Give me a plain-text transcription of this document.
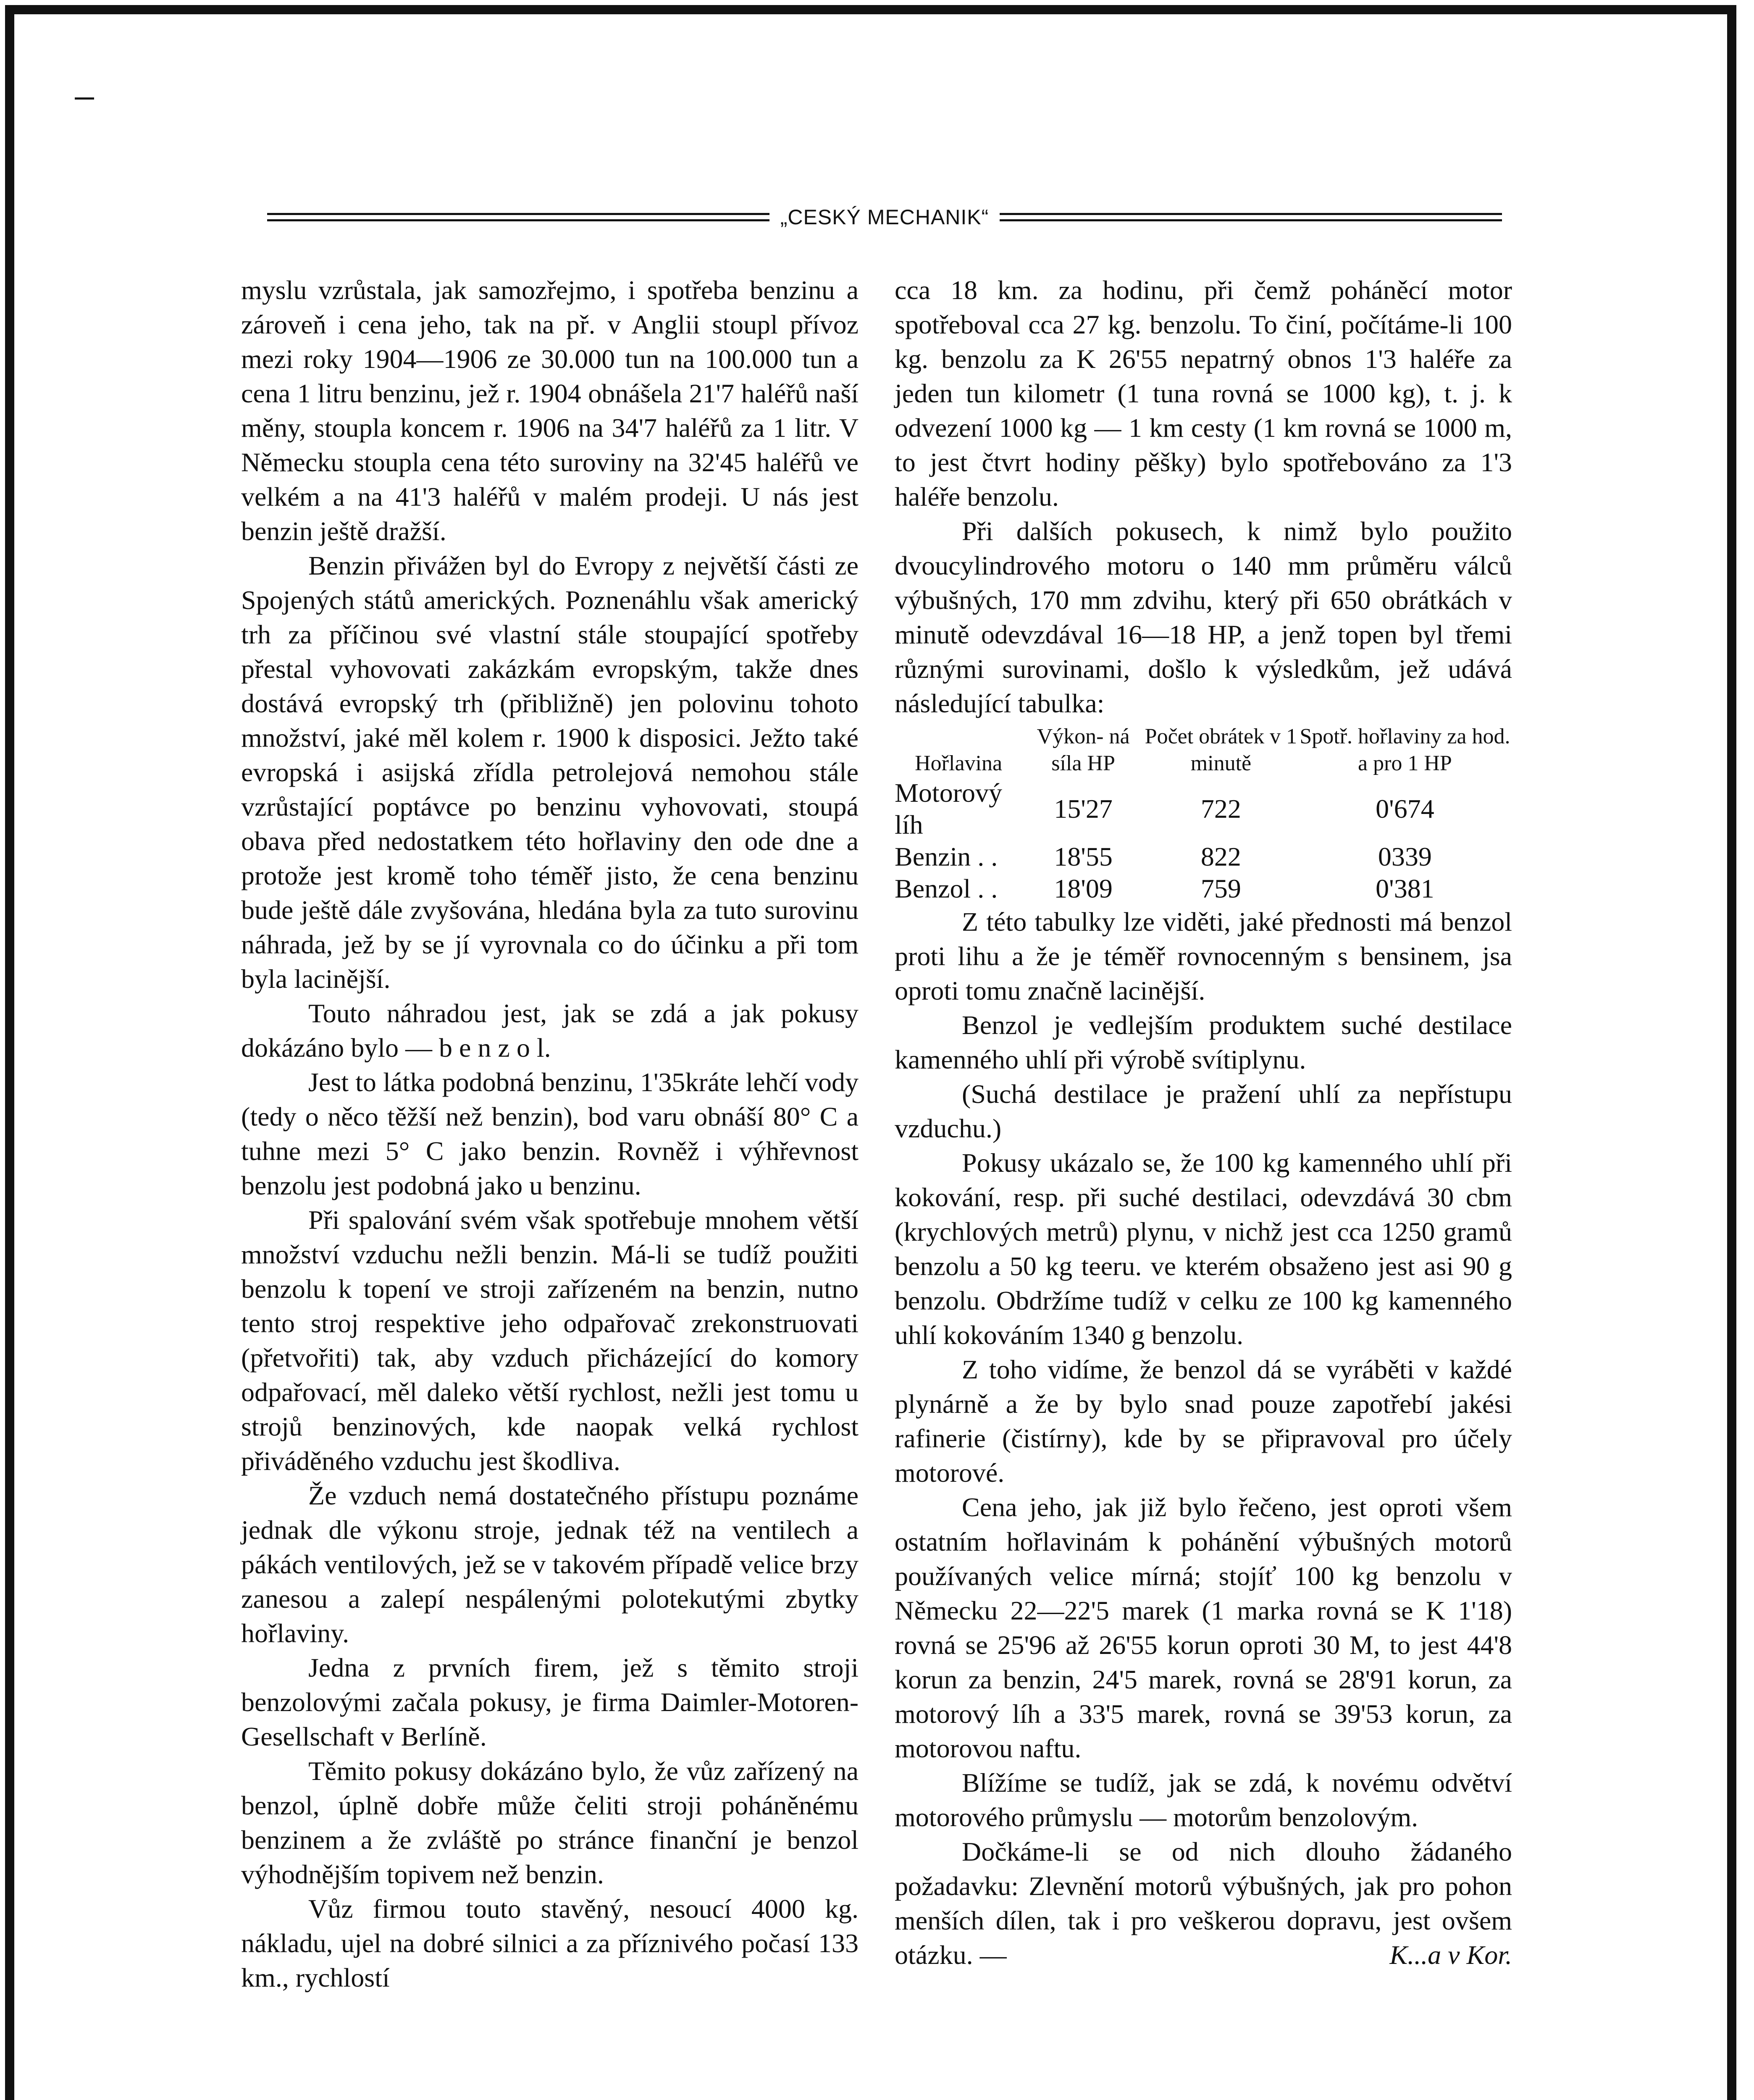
„CESKÝ MECHANIK“

myslu vzrůstala, jak samozřejmo, i spotřeba benzinu a zároveň i cena jeho, tak na př. v Anglii stoupl přívoz mezi roky 1904—1906 ze 30.000 tun na 100.000 tun a cena 1 litru benzinu, jež r. 1904 obnášela 21'7 haléřů naší měny, stoupla koncem r. 1906 na 34'7 haléřů za 1 litr. V Německu stoupla cena této suroviny na 32'45 haléřů ve velkém a na 41'3 haléřů v malém prodeji. U nás jest benzin ještě dražší.

Benzin přivážen byl do Evropy z největší části ze Spojených států amerických. Poznenáhlu však americký trh za příčinou své vlastní stále stoupající spotřeby přestal vyhovovati zakázkám evropským, takže dnes dostává evropský trh (přibližně) jen polovinu tohoto množství, jaké měl kolem r. 1900 k disposici. Ježto také evropská i asijská zřídla petrolejová nemohou stále vzrůstající poptávce po benzinu vyhovovati, stoupá obava před nedostatkem této hořlaviny den ode dne a protože jest kromě toho téměř jisto, že cena benzinu bude ještě dále zvyšována, hledána byla za tuto surovinu náhrada, jež by se jí vyrovnala co do účinku a při tom byla lacinější.

Touto náhradou jest, jak se zdá a jak pokusy dokázáno bylo — b e n z o l.

Jest to látka podobná benzinu, 1'35kráte lehčí vody (tedy o něco těžší než benzin), bod varu obnáší 80° C a tuhne mezi 5° C jako benzin. Rovněž i výhřevnost benzolu jest podobná jako u benzinu.

Při spalování svém však spotřebuje mnohem větší množství vzduchu nežli benzin. Má-li se tudíž použiti benzolu k topení ve stroji zařízeném na benzin, nutno tento stroj respektive jeho odpařovač zrekonstruovati (přetvořiti) tak, aby vzduch přicházející do komory odpařovací, měl daleko větší rychlost, nežli jest tomu u strojů benzinových, kde naopak velká rychlost přiváděného vzduchu jest škodliva.

Že vzduch nemá dostatečného přístupu poznáme jednak dle výkonu stroje, jednak též na ventilech a pákách ventilových, jež se v takovém případě velice brzy zanesou a zalepí nespálenými polotekutými zbytky hořlaviny.

Jedna z prvních firem, jež s těmito stroji benzolovými začala pokusy, je firma Daimler-Motoren-Gesellschaft v Berlíně.

Těmito pokusy dokázáno bylo, že vůz zařízený na benzol, úplně dobře může čeliti stroji poháněnému benzinem a že zvláště po stránce finanční je benzol výhodnějším topivem než benzin.

Vůz firmou touto stavěný, nesoucí 4000 kg. nákladu, ujel na dobré silnici a za příznivého počasí 133 km., rychlostí

cca 18 km. za hodinu, při čemž poháněcí motor spotřeboval cca 27 kg. benzolu. To činí, počítáme-li 100 kg. benzolu za K 26'55 nepatrný obnos 1'3 haléře za jeden tun kilometr (1 tuna rovná se 1000 kg), t. j. k odvezení 1000 kg — 1 km cesty (1 km rovná se 1000 m, to jest čtvrt hodiny pěšky) bylo spotřebováno za 1'3 haléře benzolu.

Při dalších pokusech, k nimž bylo použito dvoucylindrového motoru o 140 mm průměru válců výbušných, 170 mm zdvihu, který při 650 obrátkách v minutě odevzdával 16—18 HP, a jenž topen byl třemi různými surovinami, došlo k výsledkům, jež udává následující tabulka:

Hořlavina	Výkon- ná síla HP	Počet obrátek v 1 minutě	Spotř. hořlaviny za hod. a pro 1 HP
Motorový líh	15'27	722	0'674
Benzin . .	18'55	822	0339
Benzol . .	18'09	759	0'381

Z této tabulky lze viděti, jaké přednosti má benzol proti lihu a že je téměř rovnocenným s bensinem, jsa oproti tomu značně lacinější.

Benzol je vedlejším produktem suché destilace kamenného uhlí při výrobě svítiplynu.

(Suchá destilace je pražení uhlí za nepřístupu vzduchu.)

Pokusy ukázalo se, že 100 kg kamenného uhlí při kokování, resp. při suché destilaci, odevzdává 30 cbm (krychlových metrů) plynu, v nichž jest cca 1250 gramů benzolu a 50 kg teeru. ve kterém obsaženo jest asi 90 g benzolu. Obdržíme tudíž v celku ze 100 kg kamenného uhlí kokováním 1340 g benzolu.

Z toho vidíme, že benzol dá se vyráběti v každé plynárně a že by bylo snad pouze zapotřebí jakési rafinerie (čistírny), kde by se připravoval pro účely motorové.

Cena jeho, jak již bylo řečeno, jest oproti všem ostatním hořlavinám k pohánění výbušných motorů používaných velice mírná; stojíť 100 kg benzolu v Německu 22—22'5 marek (1 marka rovná se K 1'18) rovná se 25'96 až 26'55 korun oproti 30 M, to jest 44'8 korun za benzin, 24'5 marek, rovná se 28'91 korun, za motorový líh a 33'5 marek, rovná se 39'53 korun, za motorovou naftu.

Blížíme se tudíž, jak se zdá, k novému odvětví motorového průmyslu — motorům benzolovým.

Dočkáme-li se od nich dlouho žádaného požadavku: Zlevnění motorů výbušných, jak pro pohon menších dílen, tak i pro veškerou dopravu, jest ovšem otázku. —	K...a v Kor.
